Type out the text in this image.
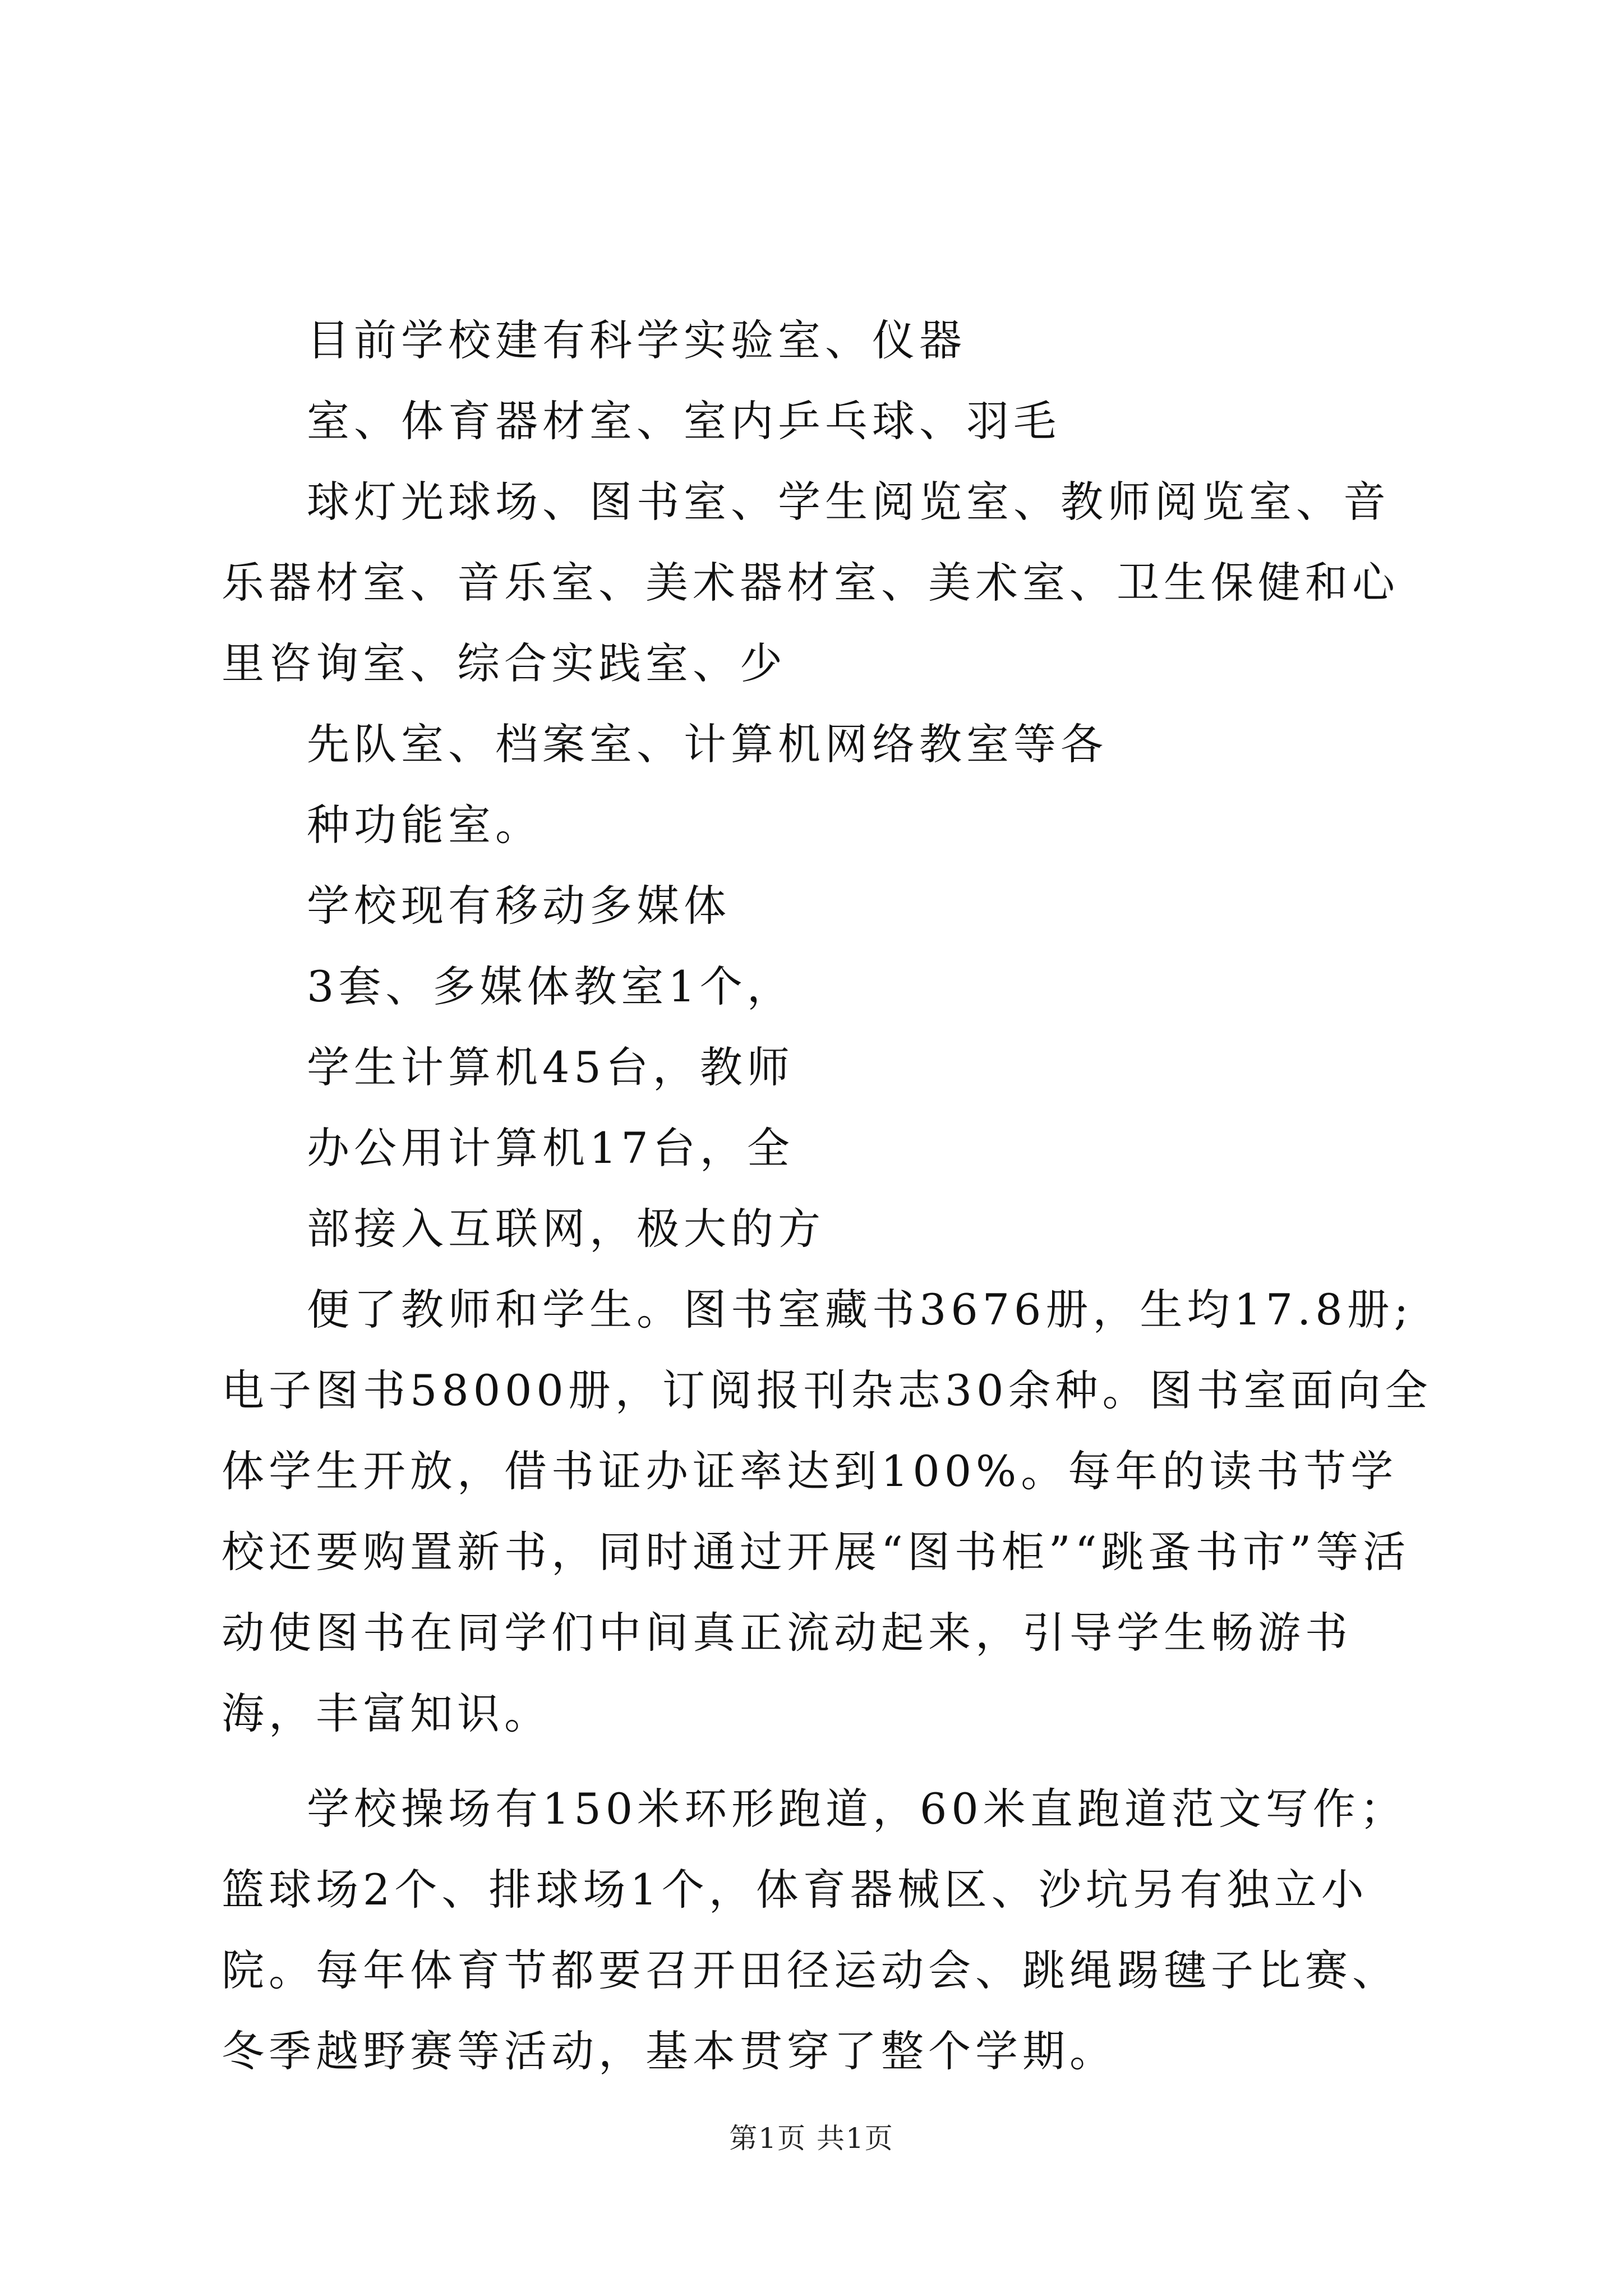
目前学校建有科学实验室、仪器

室、体育器材室、室内乒乓球、羽毛

球灯光球场、图书室、学生阅览室、教师阅览室、音乐器材室、音乐室、美术器材室、美术室、卫生保健和心里咨询室、综合实践室、少

先队室、档案室、计算机网络教室等各

种功能室。

学校现有移动多媒体

3套、多媒体教室1个，

学生计算机45台，教师

办公用计算机17台，全

部接入互联网，极大的方

便了教师和学生。图书室藏书3676册，生均17.8册;电子图书58000册，订阅报刊杂志30余种。图书室面向全体学生开放，借书证办证率达到100%。每年的读书节学校还要购置新书，同时通过开展“图书柜”“跳蚤书市”等活动使图书在同学们中间真正流动起来，引导学生畅游书海，丰富知识。

学校操场有150米环形跑道，60米直跑道范文写作；篮球场2个、排球场1个，体育器械区、沙坑另有独立小院。每年体育节都要召开田径运动会、跳绳踢毽子比赛、冬季越野赛等活动，基本贯穿了整个学期。

第1页 共1页
